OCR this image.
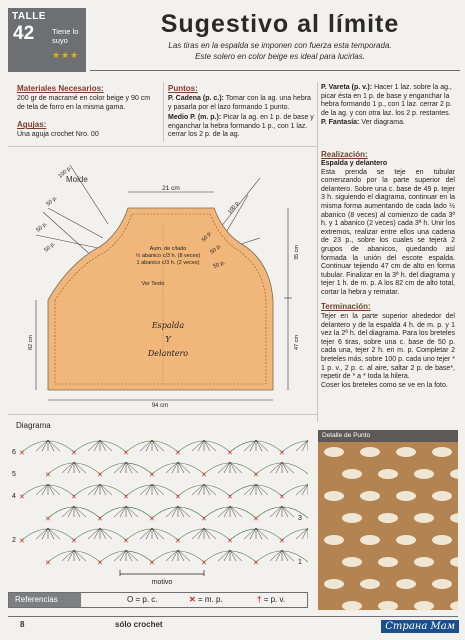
TALLE
42 Tiene lo suyo
★★★
Sugestivo al límite
Las tiras en la espalda se imponen con fuerza esta temporada.
Este solero en color beige es ideal para lucirlas.
Materiales Necesarios:
200 gr de macramé en color beige y 90 cm de tela de forro en la misma gama.
Agujas:
Una aguja crochet Nro. 00
Puntos:
P. Cadena (p. c.): Tomar con la ag. una hebra y pasarla por el lazo formando 1 punto.
Medio P. (m. p.): Picar la ag. en 1 p. de base y enganchar la hebra formando 1 p., con 1 laz. cerrar los 2 p. de la ag.
P. Vareta (p. v.): Hacer 1 laz. sobre la ag., picar ésta en 1 p. de base y enganchar la hebra formando 1 p., con 1 laz. cerrar 2 p. de la ag. y con otra laz. los 2 p. restantes.
P. Fantasía: Ver diagrama.
Realización:
Espalda y delantero
Esta prenda se teje en tubular comenzando por la parte superior del delantero. Sobre una c. base de 49 p. tejer 3 h. siguiendo el diagrama, continuar en la misma forma aumentando de cada lado ½ abanico (8 veces) al comienzo de cada 3ª h. y 1 abanico (2 veces) cada 3ª h. Unir los extremos, realizar entre ellos una cadena de 23 p., sobre los cuales se tejerá 2 grupos de abanicos, quedando así formada la unión del escote espalda. Continuar tejiendo 47 cm de alto en forma tubular. Finalizar en la 3ª h. del diagrama y tejer 1 h. de m. p. A los 82 cm de alto total, cortar la hebra y rematar.
Terminación:
Tejer en la parte superior alrededor del delantero y de la espalda 4 h. de m. p. y 1 vez la 2ª h. del diagrama. Para los breteles tejer 6 tiras, sobre una c. base de 50 p. cada una, tejer 2 h. en m. p. Completar 2 breteles más, sobre 100 p. cada uno tejer * 1 p. v., 2 p. c. al aire, saltar 2 p. de base*, repetir de * a * toda la hilera.
Coser los breteles como se ve en la foto.
Molde
21 cm
100 p.
50 p.
50 p.
50 p.
50 p.
50 p.
50 p.
100 p.
Aum. de c/lado
½ abanico c/3 h. (8 veces)
1 abanico c/3 h. (2 veces)
Ver Texto
Espalda
Y
Delantero
82 cm
35 cm
47 cm
94 cm
Diagrama
✕	✕	✕	✕	✕	✕
✕	✕	✕	✕	✕
✕	✕	✕	✕	✕	✕
✕	✕	✕	✕	✕
✕	✕	✕	✕	✕	✕
✕	✕	✕	✕	✕
6
5
4
3
2
1
motivo
Detalle de Punto
Referencias	O = p. c.	✕ = m. p.	† = p. v.
8	sólo crochet	Страна Мам
